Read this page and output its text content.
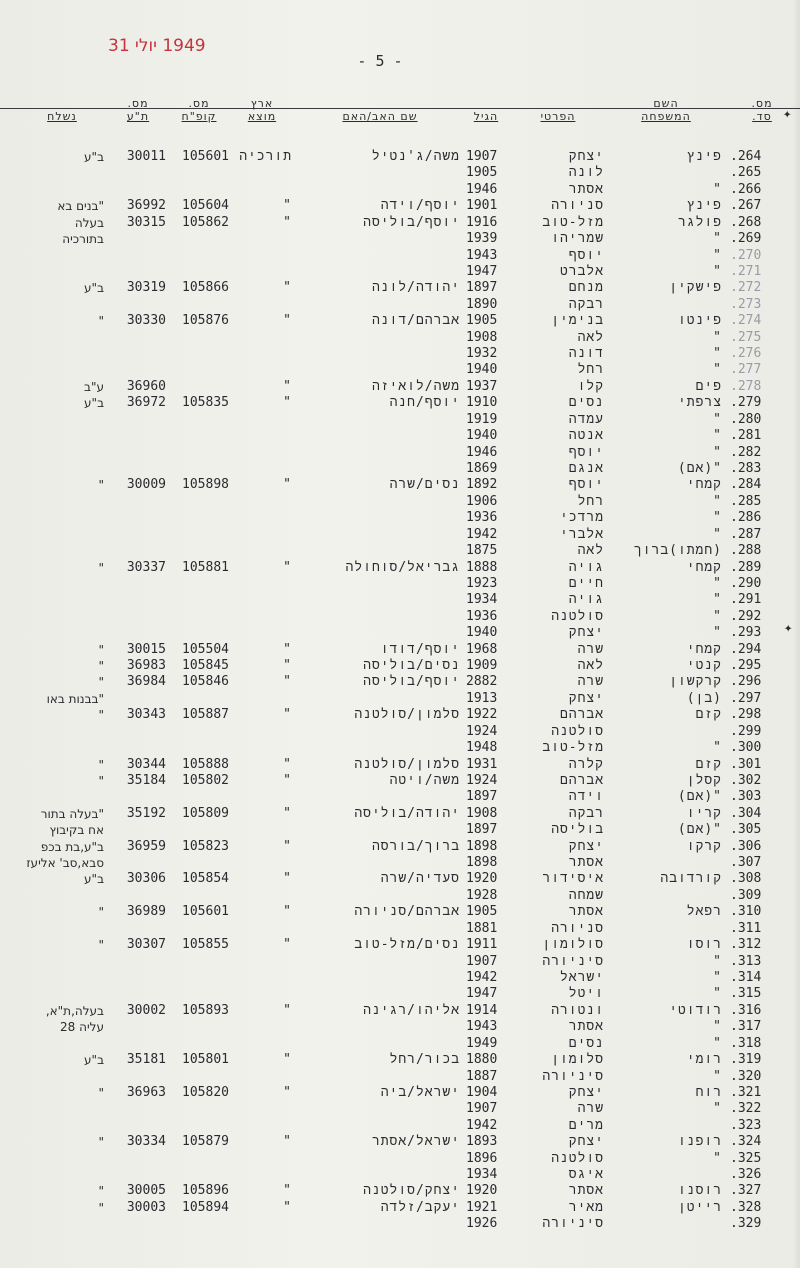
1949 יולי 31
- 5 -
מס.
סד.
השם
המשפחה
הפרטי
הגיל
שם האב/האם
ארץ
מוצא
מס.
קופ"ח
מס.
ת"ע
נשלח
.264
פינץ
יצחק
1907
משה/ג'נטיל
תורכיה
105601
30011
ב"ע
.265
לונה
1905
.266
"
אסתר
1946
.267
פינץ
סניורה
1901
יוסף/וידה
"
105604
36992
"בנים בא
.268
פולגר
מזל-טוב
1916
יוסף/בוליסה
"
105862
30315
בעלה
.269
"
שמריהו
1939
בתורכיה
.270
"
יוסף
1943
.271
"
אלברט
1947
.272
פישקין
מנחם
1897
יהודה/לונה
"
105866
30319
ב"ע
.273
רבקה
1890
.274
פינטו
בנימין
1905
אברהם/דונה
"
105876
30330
"
.275
"
לאה
1908
.276
"
דונה
1932
.277
"
רחל
1940
.278
פים
קלו
1937
משה/לואיזה
"
36960
ע"ב
.279
צרפתי
נסים
1910
יוסף/חנה
"
105835
36972
ב"ע
.280
"
עמדה
1919
.281
"
אנטה
1940
.282
"
יוסף
1946
.283
"(אם)
אנגם
1869
.284
קמחי
יוסף
1892
נסים/שרה
"
105898
30009
"
.285
"
רחל
1906
.286
"
מרדכי
1936
.287
"
אלברי
1942
.288
(חמתו)ברוך
לאה
1875
.289
קמחי
גויה
1888
גבריאל/סוחולה
"
105881
30337
"
.290
"
חיים
1923
.291
"
גויה
1934
.292
"
סולטנה
1936
.293
"
יצחק
1940
.294
קמחי
שרה
1968
יוסף/דודו
"
105504
30015
"
.295
קנטי
לאה
1909
נסים/בוליסה
"
105845
36983
"
.296
קרקשון
שרה
2882
יוסף/בוליסה
"
105846
36984
"
.297
(בן)
יצחק
1913
"בבנות באו
.298
קזם
אברהם
1922
סלמון/סולטנה
"
105887
30343
"
.299
סולטנה
1924
.300
"
מזל-טוב
1948
.301
קזם
קלרה
1931
סלמון/סולטנה
"
105888
30344
"
.302
קסלן
אברהם
1924
משה/ויטה
"
105802
35184
"
.303
"(אם)
וידה
1897
.304
קריו
רבקה
1908
יהודה/בוליסה
"
105809
35192
"בעלה בתור
.305
"(אם)
בוליסה
1897
אח בקיבוץ
.306
קרקו
יצחק
1898
ברוך/בורסה
"
105823
36959
ב"ע,בת בכפ
.307
אסתר
1898
סבא,סב' אליעז
.308
קורדובה
איסידור
1920
סעדיה/שרה
"
105854
30306
ב"ע
.309
שמחה
1928
.310
רפאל
אסתר
1905
אברהם/סניורה
"
105601
36989
"
.311
סניורה
1881
.312
רוסו
סולומון
1911
נסים/מזל-טוב
"
105855
30307
"
.313
"
סיניורה
1907
.314
"
ישראל
1942
.315
"
ויטל
1947
.316
רודוטי
ונטורה
1914
אליהו/רגינה
"
105893
30002
בעלה,ת"א,
.317
"
אסתר
1943
עליה 28
.318
"
נסים
1949
.319
רומי
סלומון
1880
בכור/רחל
"
105801
35181
ב"ע
.320
"
סיניורה
1887
.321
רוח
יצחק
1904
ישראל/ביה
"
105820
36963
"
.322
"
שרה
1907
.323
מרים
1942
.324
רופנו
יצחק
1893
ישראל/אסתר
"
105879
30334
"
.325
"
סולטנה
1896
.326
איגס
1934
.327
רוסנו
אסתר
1920
יצחק/סולטנה
"
105896
30005
"
.328
רייטן
מאיר
1921
יעקב/זלדה
"
105894
30003
"
.329
סיניורה
1926
✦
✦
